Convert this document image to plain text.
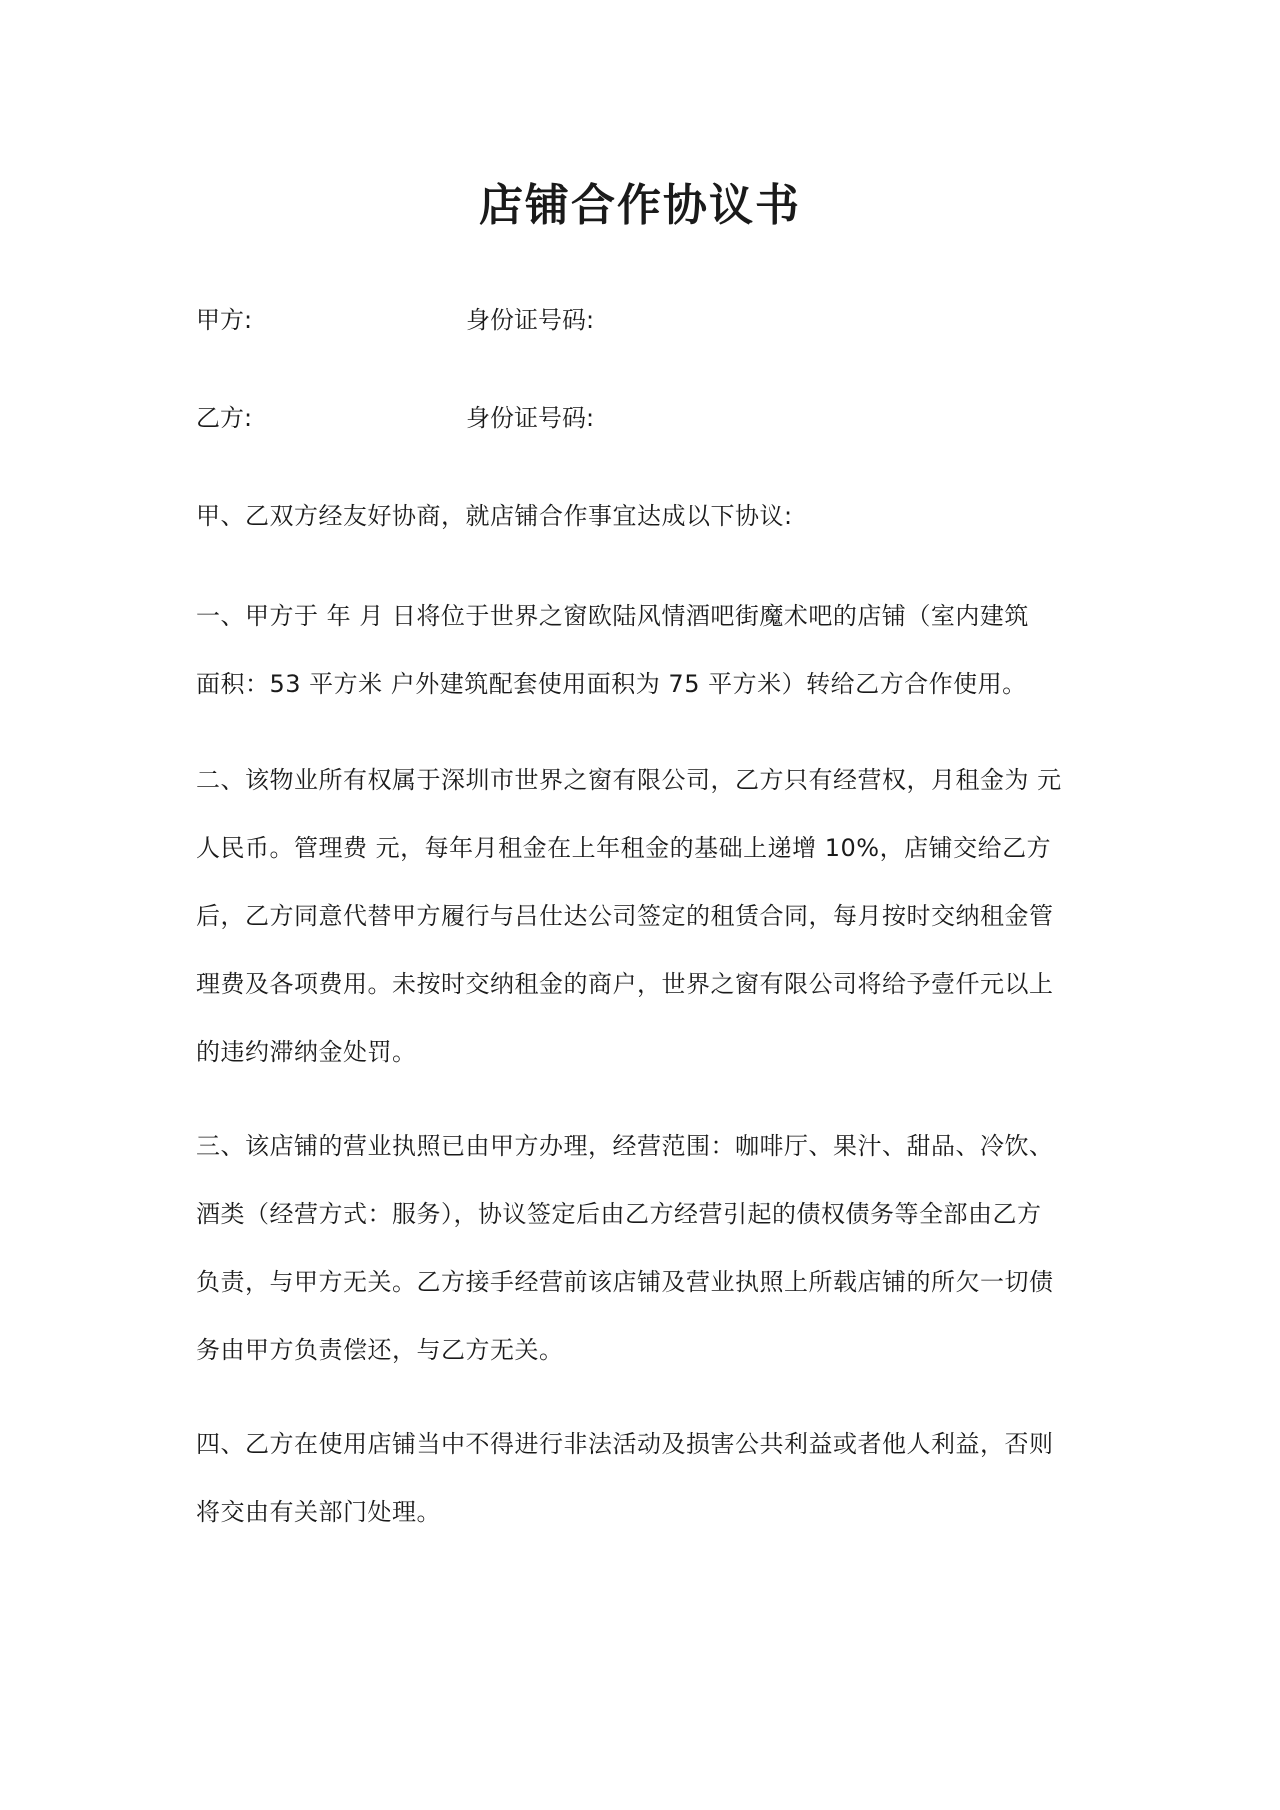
店铺合作协议书
甲方:	身份证号码:
乙方:	身份证号码:

甲、乙双方经友好协商，就店铺合作事宜达成以下协议:

一、甲方于 年 月 日将位于世界之窗欧陆风情酒吧街魔术吧的店铺（室内建筑
面积：53 平方米 户外建筑配套使用面积为 75 平方米）转给乙方合作使用。

二、该物业所有权属于深圳市世界之窗有限公司，乙方只有经营权，月租金为 元
人民币。管理费 元，每年月租金在上年租金的基础上递增 10%，店铺交给乙方
后，乙方同意代替甲方履行与吕仕达公司签定的租赁合同，每月按时交纳租金管
理费及各项费用。未按时交纳租金的商户，世界之窗有限公司将给予壹仟元以上
的违约滞纳金处罚。

三、该店铺的营业执照已由甲方办理，经营范围：咖啡厅、果汁、甜品、冷饮、
酒类（经营方式：服务），协议签定后由乙方经营引起的债权债务等全部由乙方
负责，与甲方无关。乙方接手经营前该店铺及营业执照上所载店铺的所欠一切债
务由甲方负责偿还，与乙方无关。

四、乙方在使用店铺当中不得进行非法活动及损害公共利益或者他人利益，否则
将交由有关部门处理。
